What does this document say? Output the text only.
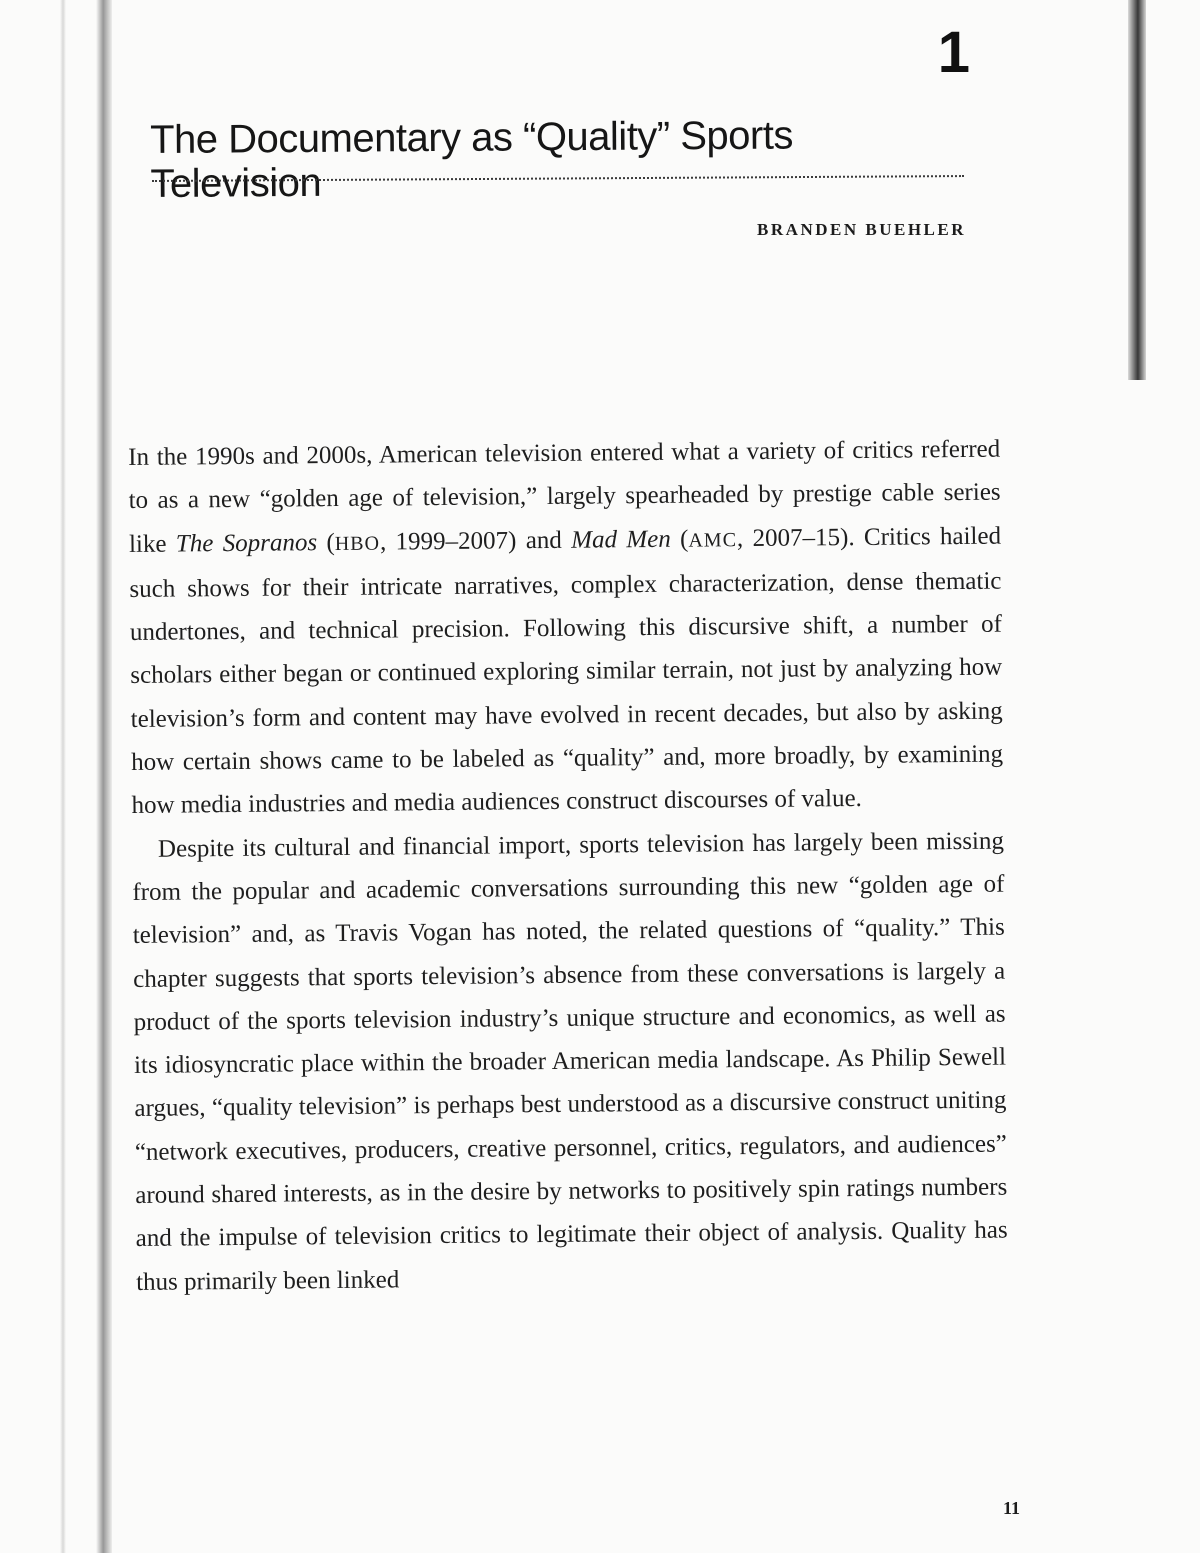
1
The Documentary as “Quality” Sports Television
BRANDEN BUEHLER

In the 1990s and 2000s, American television entered what a variety of critics referred to as a new “golden age of television,” largely spearheaded by prestige cable series like The Sopranos (HBO, 1999–2007) and Mad Men (AMC, 2007–15). Critics hailed such shows for their intricate narratives, complex characterization, dense thematic undertones, and technical precision. Following this discursive shift, a number of scholars either began or continued exploring similar terrain, not just by analyzing how television’s form and content may have evolved in recent decades, but also by asking how certain shows came to be labeled as “quality” and, more broadly, by examining how media industries and media audiences construct discourses of value.

Despite its cultural and financial import, sports television has largely been missing from the popular and academic conversations surrounding this new “golden age of television” and, as Travis Vogan has noted, the related questions of “quality.” This chapter suggests that sports television’s absence from these conversations is largely a product of the sports television industry’s unique structure and economics, as well as its idiosyncratic place within the broader American media landscape. As Philip Sewell argues, “quality television” is perhaps best understood as a discursive construct uniting “network executives, producers, creative personnel, critics, regulators, and audiences” around shared interests, as in the desire by networks to positively spin ratings numbers and the impulse of television critics to legitimate their object of analysis. Quality has thus primarily been linked

11
